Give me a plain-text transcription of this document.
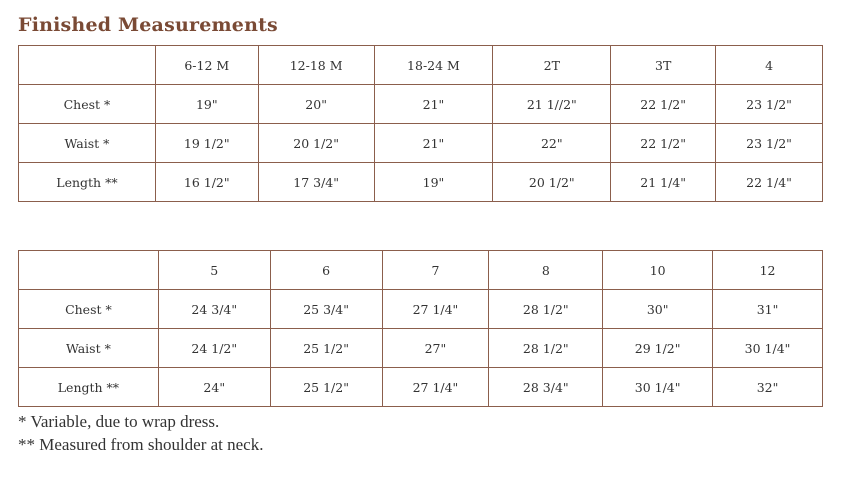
Finished Measurements
	6-12 M	12-18 M	18-24 M	2T	3T	4
Chest *	19"	20"	21"	21 1//2"	22 1/2"	23 1/2"
Waist *	19 1/2"	20 1/2"	21"	22"	22 1/2"	23 1/2"
Length **	16 1/2"	17 3/4"	19"	20 1/2"	21 1/4"	22 1/4"
	5	6	7	8	10	12
Chest *	24 3/4"	25 3/4"	27 1/4"	28 1/2"	30"	31"
Waist *	24 1/2"	25 1/2"	27"	28 1/2"	29 1/2"	30 1/4"
Length **	24"	25 1/2"	27 1/4"	28 3/4"	30 1/4"	32"
* Variable, due to wrap dress.
** Measured from shoulder at neck.
